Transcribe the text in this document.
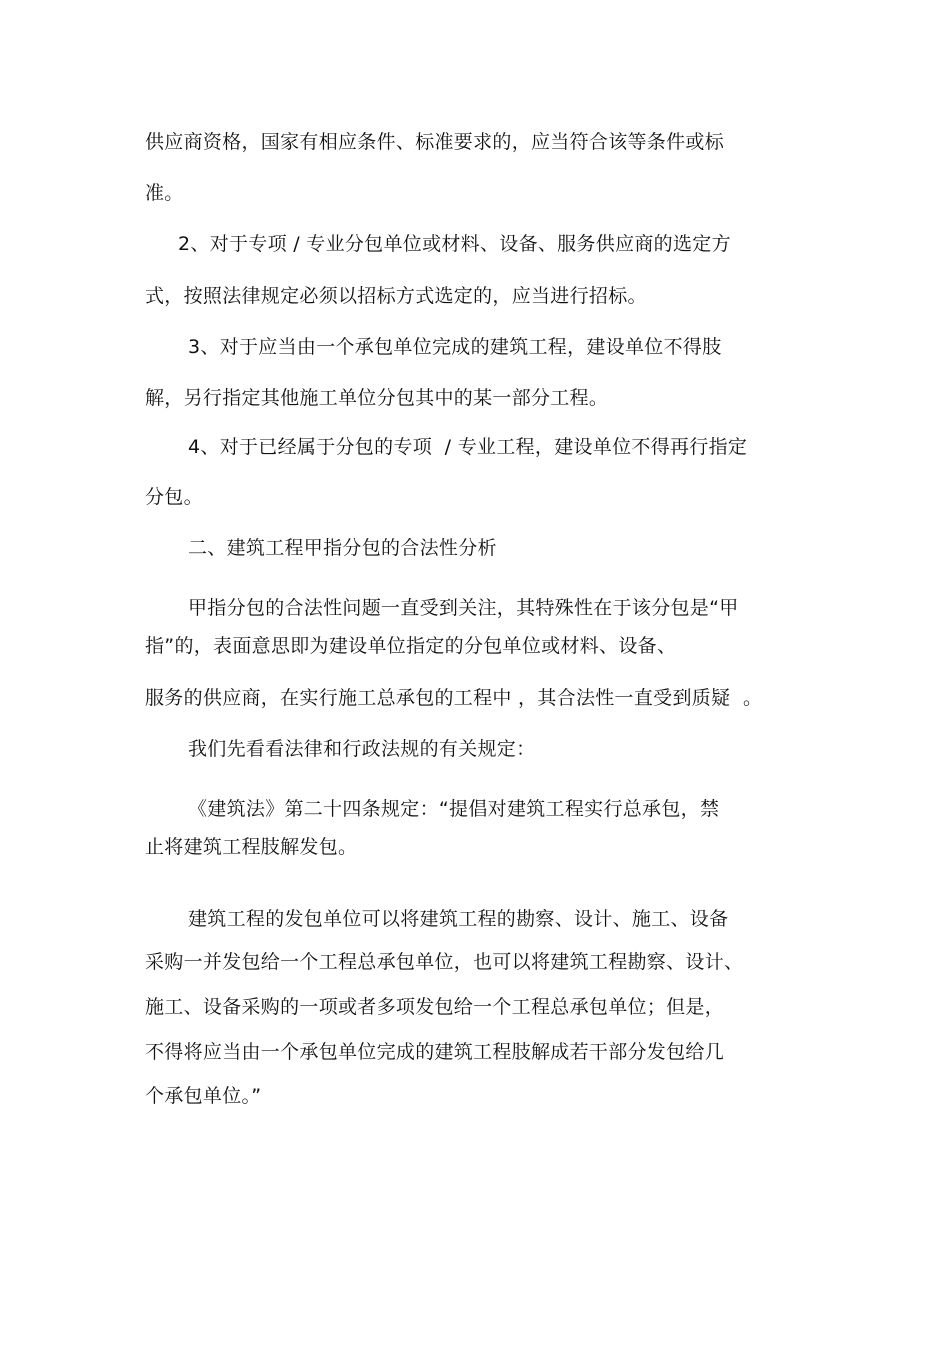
供应商资格，国家有相应条件、标准要求的，应当符合该等条件或标
准。
2、对于专项 / 专业分包单位或材料、设备、服务供应商的选定方
式，按照法律规定必须以招标方式选定的，应当进行招标。
3、对于应当由一个承包单位完成的建筑工程，建设单位不得肢
解，另行指定其他施工单位分包其中的某一部分工程。
4、对于已经属于分包的专项  / 专业工程，建设单位不得再行指定
分包。
二、建筑工程甲指分包的合法性分析
甲指分包的合法性问题一直受到关注，其特殊性在于该分包是“甲
指”的，表面意思即为建设单位指定的分包单位或材料、设备、
服务的供应商，在实行施工总承包的工程中 ，其合法性一直受到质疑  。
我们先看看法律和行政法规的有关规定：
《建筑法》第二十四条规定：“提倡对建筑工程实行总承包，禁
止将建筑工程肢解发包。
建筑工程的发包单位可以将建筑工程的勘察、设计、施工、设备
采购一并发包给一个工程总承包单位，也可以将建筑工程勘察、设计、
施工、设备采购的一项或者多项发包给一个工程总承包单位；但是，
不得将应当由一个承包单位完成的建筑工程肢解成若干部分发包给几
个承包单位。”
